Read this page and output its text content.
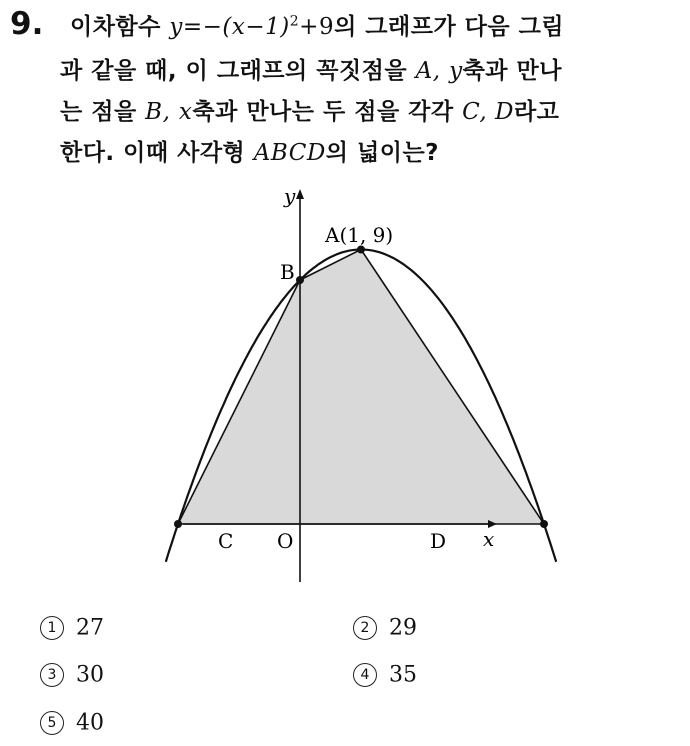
9. 이차함수 $y=-(x-1)^2+9$의 그래프가 다음 그림
과 같을 때, 이 그래프의 꼭짓점을 A, y축과 만나
는 점을 B, x축과 만나는 두 점을 각각 C, D라고
한다. 이때 사각형 ABCD의 넓이는?
y
x
A(1, 9)
B
C O	D
1 27	2 29
3 30	4 35
5 40
